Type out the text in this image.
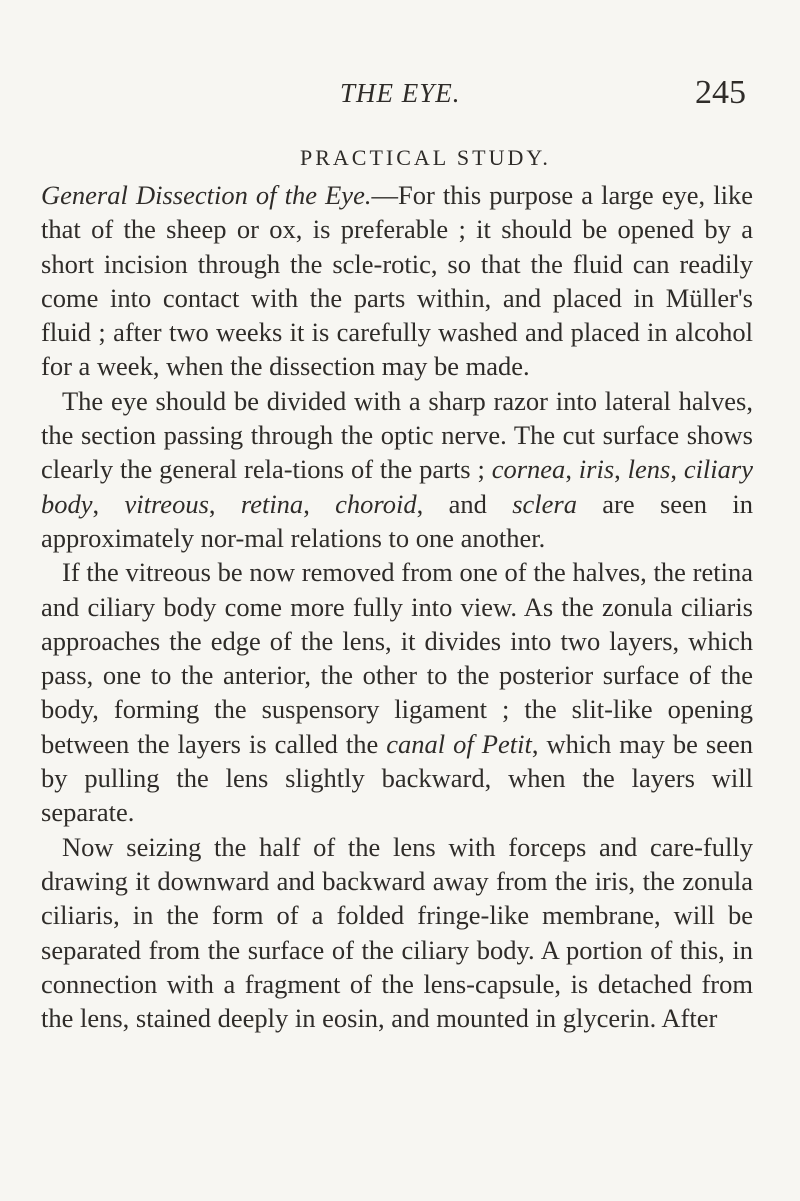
THE EYE.	245
PRACTICAL STUDY.

General Dissection of the Eye.—For this purpose a large eye, like that of the sheep or ox, is preferable ; it should be opened by a short incision through the scle-rotic, so that the fluid can readily come into contact with the parts within, and placed in Müller's fluid ; after two weeks it is carefully washed and placed in alcohol for a week, when the dissection may be made.

The eye should be divided with a sharp razor into lateral halves, the section passing through the optic nerve. The cut surface shows clearly the general rela-tions of the parts ; cornea, iris, lens, ciliary body, vitreous, retina, choroid, and sclera are seen in approximately nor-mal relations to one another.

If the vitreous be now removed from one of the halves, the retina and ciliary body come more fully into view. As the zonula ciliaris approaches the edge of the lens, it divides into two layers, which pass, one to the anterior, the other to the posterior surface of the body, forming the suspensory ligament ; the slit-like opening between the layers is called the canal of Petit, which may be seen by pulling the lens slightly backward, when the layers will separate.

Now seizing the half of the lens with forceps and care-fully drawing it downward and backward away from the iris, the zonula ciliaris, in the form of a folded fringe-like membrane, will be separated from the surface of the ciliary body. A portion of this, in connection with a fragment of the lens-capsule, is detached from the lens, stained deeply in eosin, and mounted in glycerin. After
